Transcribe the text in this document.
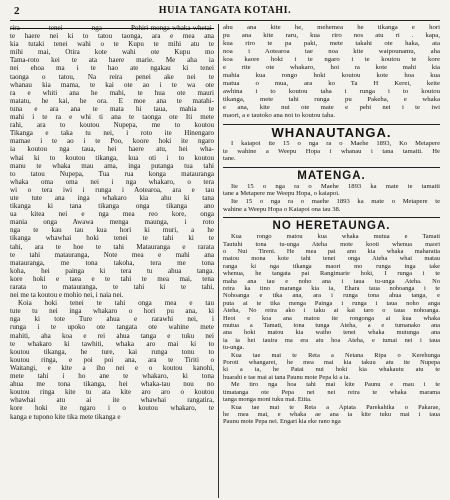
2	HUIA TANGATA KOTAHI.
rira tenei nga Pohiri-monga-whaka-whetai-
te haere nei ki to tatou taonga, ara e mea ana
kia tutaki tenei wahi o te Kupu te mihi atu te
mihi mai, Otira kote wahi ote Kupu mo
Tama-roto kei te ata haere marie. Me aha ia
nei ehoa ma i te hao ate ngakau ki tenei
taonga o tatou, Na reira penei ake nei te
whanau kia mama, te kai ote ao i te wa ote
ra e whiti ana he mahi, te hua ote mauri
matatu, he kai, he ora. E moe ana te matahi-
tuna e ara ana te mata hi taua, mahia te
mahi i te ra e whi ti ana te taonga ote Iti mete
rahi, ara to koutou Nupepa, me to koutou
Tikanga e taka tu nei, i roto ite Hinengaro
mamae i te ao i te Poo, koore hoki ite ngaro
ia koutou nga taua, hei haere atu, hei wha-
whai ki to koutou tikanga, kua oti i to koutou
manu te whaka mau ama, inga putanga tua tahi
to tatou Nupepa, Tua rua konga matauranga
whaka oma oma nei i nga whakaro, o tera
wi o tera iwi i runga i Aotearoa, ara e tau
ute tute ana inga whakaro kia ahu ki tana
tikanga ki tana tikanga onga tikanga ano
ua kitea nei e nga mea reo kore, onga
mania onga Awawa menga maunga, i roto
nga te kau tau kua hori ki muri, a he
tikanga whawhai hoki tenei te tahi ki te
tahi, ara te hoe te tahi Matauranga e rarata
te tahi matauranga, Note mea e mahi ana
matauranga, me tona takoha, tera me tona
koha, hei painga ki tera tu ahua tanga.
kore hoki e taea e te tahi te mea mai, tena
rarata to matauranga, te tahi ki te tahi,
nei me ta koutou e mohio nei, i naia nei.
Koia hoki tenei te tahi onga mea e tau
tute tu nei inga whakaro o hori pu ana, ki
nga ki tote Ture ahua e rarawhi nei, i
runga i te upoko ote tangata ote wahine mete
mahiti, aha koa e rei ahua tanga e tuku nei
te whakaro ki tawhiti, whaka aro mai ki to
koutou tikanga, he ture, kai runga tonu to
koutou ringa, e poi poi ana, ara te Tiriti o
Waitangi, e kite a iho nei e o koutou kanohi,
mete tahi i ho ane te whakaro, ki tona
ahua me tona tikanga, hei whaka-tau nou no
koutou ringa kite tu ata kite aro aro o koutou
whawhai atu ai ite whawhai rangatira,
kore hoki ite ngaro i o koutou whakaro, te
kanga e tupono kite tika mete tikanga e
ahu ana kite he, mehemea he tikanga e hori
pu ana kite raru, kua riro nos atu ri . kapa,
kua riro te pa paki, mete takahi ote haka, ata
noa i Aotearoa tae noa kite waipounamu, aha
koa kaore hoki i te ngaro i te koutou te kore
e rite ote whakaro, hoi ra kote mahi kia
mahia kua rongo hoki koutou kote hoa kua
matua o mua, ara ko Ta H Kerei, keite
awhina i to koutou taha i runga i to koutou
tikanga, mete tahi runga pu Pakeha, e whaka
e ana, kite nui ote mate e pehi nei i te iwi
maori, a e tautoko ana noi to koutou taha.
WHANAUTANGA.
I kaiapoi ite 15 o nga ra o Maehe 1893, Ko Metapere
te wahine a Weepu Hopa i whanau i tana tamaiti. He
tane.
MATENGA.
Ite 15 o nga ra o Maehe 1893 ka mate te tamaiti
tane a Metapere me Weepu Hopa, o kaiapoi.
Ite 15 o nga ra o maehe 1893 ka mate o Metapere te
wahine a Weepu Hopa o Kaiapoi ona tau 38.
NO HERETAUNGA.
Kua rongo matou kua whaka mutua e Tamati
Tautuhi tona tu-unga Ateha mote kooti whenua maori
o Nui Tireni. He mea pai ano kia whaka maharatia
matou mona kote tahi tenei onga Ateha whai matau
ranga ki nga tikanga maori mo runga inga take
whenua, he tangata pai Rangimarie hoki, I runga i te
maha ana tau e noho ana i taua tu-unga Ateha. No
reira ka tino maranga kia ia, Ehara taua nohoanga i te
Nohoanga e tika ana, ara i runga tona ahua tanga, e
puta ai te tika menga Painga i runga i taua noho anga
Ateha, No reira ako i taku ai kai taro o taua nohoanga.
Heoi e koa ana matou ite rongonga ai kua whaka
mutua a Tamati, tona tunga Ateha, a e tumanako ana
ana hoki matou kia waiho tenei whaka mutunga ana
ia ia hei tauira ma era atu hoa Ateha, e tumai nei i taua
tu-unga.
Kua tae mai te Reta a Netana Ripa o Kerehunga
Poroti whangarei, he mea mai kia takuu atu ite Nupepa
ki a ia, he Patai nui hoki kia whakautu atu te
huarahi e tae mai ai tana Paunu mote Pepa ki a ia.
Me tiro nga hoa tahi mai kite Paunu e mau i te
timatanga ote Pepa nei nei reira te whaka marama
tanga monga moni tuku mai. Etita.
Kua tae mai te Reta a Apiata Parekahika o Pakarae,
he mea mai, e whaka ae ana ia kite tuku mai i taua
Paunu mote Pepa nei. Engari kia eke rano nga
